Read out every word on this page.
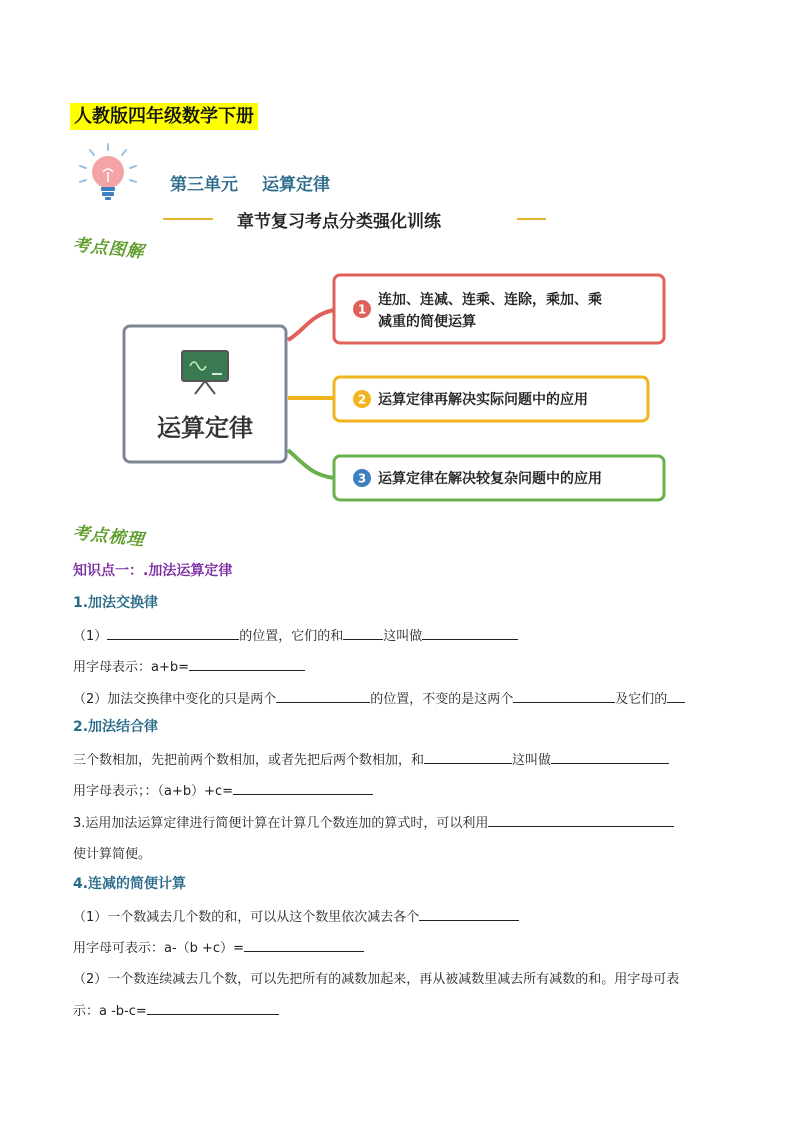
人教版四年级数学下册
第三单元 运算定律
章节复习考点分类强化训练
考点图解
运算定律
1
连加、连减、连乘、连除，乘加、乘
减重的简便运算
2 运算定律再解决实际问题中的应用
3 运算定律在解决较复杂问题中的应用
考点梳理
知识点一：.加法运算定律
1.加法交换律
（1）	的位置，它们的和	这叫做
用字母表示：a+b=
（2）加法交换律中变化的只是两个	的位置，不变的是这两个	及它们的
2.加法结合律
三个数相加，先把前两个数相加，或者先把后两个数相加，和	这叫做
用字母表示；：（a+b）+c=
3.运用加法运算定律进行简便计算在计算几个数连加的算式时，可以利用
使计算简便。
4.连减的简便计算
（1）一个数减去几个数的和，可以从这个数里依次减去各个
用字母可表示：a-（b +c）=
（2）一个数连续减去几个数，可以先把所有的减数加起来，再从被减数里减去所有减数的和。用字母可表
示：a -b-c=
